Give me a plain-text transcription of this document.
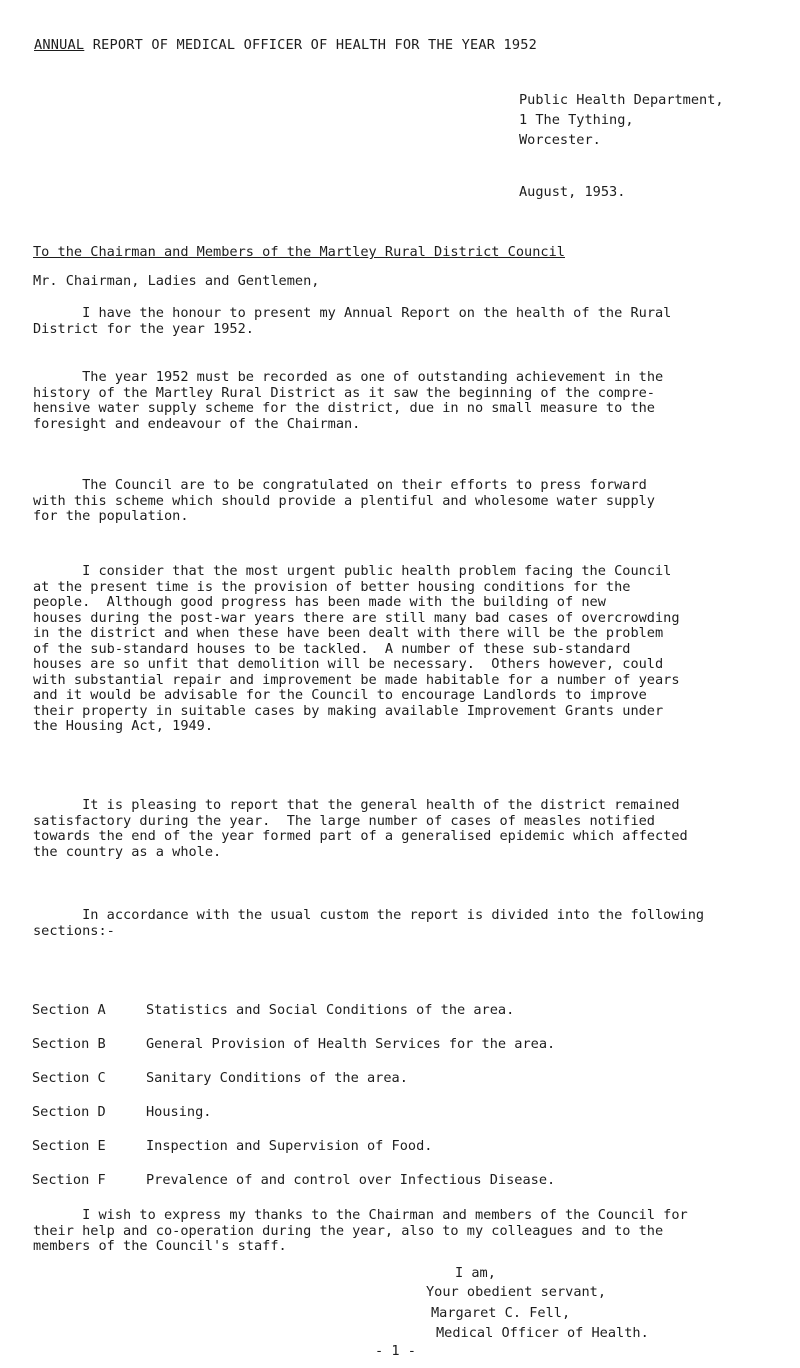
ANNUAL REPORT OF MEDICAL OFFICER OF HEALTH FOR THE YEAR 1952
Public Health Department,
1 The Tything,
Worcester.
August, 1953.
To the Chairman and Members of the Martley Rural District Council
Mr. Chairman, Ladies and Gentlemen,

I have the honour to present my Annual Report on the health of the Rural
District for the year 1952.

The year 1952 must be recorded as one of outstanding achievement in the
history of the Martley Rural District as it saw the beginning of the compre-
hensive water supply scheme for the district, due in no small measure to the
foresight and endeavour of the Chairman.

The Council are to be congratulated on their efforts to press forward
with this scheme which should provide a plentiful and wholesome water supply
for the population.

I consider that the most urgent public health problem facing the Council
at the present time is the provision of better housing conditions for the
people.  Although good progress has been made with the building of new
houses during the post-war years there are still many bad cases of overcrowding
in the district and when these have been dealt with there will be the problem
of the sub-standard houses to be tackled.  A number of these sub-standard
houses are so unfit that demolition will be necessary.  Others however, could
with substantial repair and improvement be made habitable for a number of years
and it would be advisable for the Council to encourage Landlords to improve
their property in suitable cases by making available Improvement Grants under
the Housing Act, 1949.

It is pleasing to report that the general health of the district remained
satisfactory during the year.  The large number of cases of measles notified
towards the end of the year formed part of a generalised epidemic which affected
the country as a whole.

In accordance with the usual custom the report is divided into the following
sections:-

Section A	Statistics and Social Conditions of the area.
Section B	General Provision of Health Services for the area.
Section C	Sanitary Conditions of the area.
Section D	Housing.
Section E	Inspection and Supervision of Food.
Section F	Prevalence of and control over Infectious Disease.

I wish to express my thanks to the Chairman and members of the Council for
their help and co-operation during the year, also to my colleagues and to the
members of the Council's staff.

I am,
Your obedient servant,
Margaret C. Fell,
Medical Officer of Health.
- 1 -
